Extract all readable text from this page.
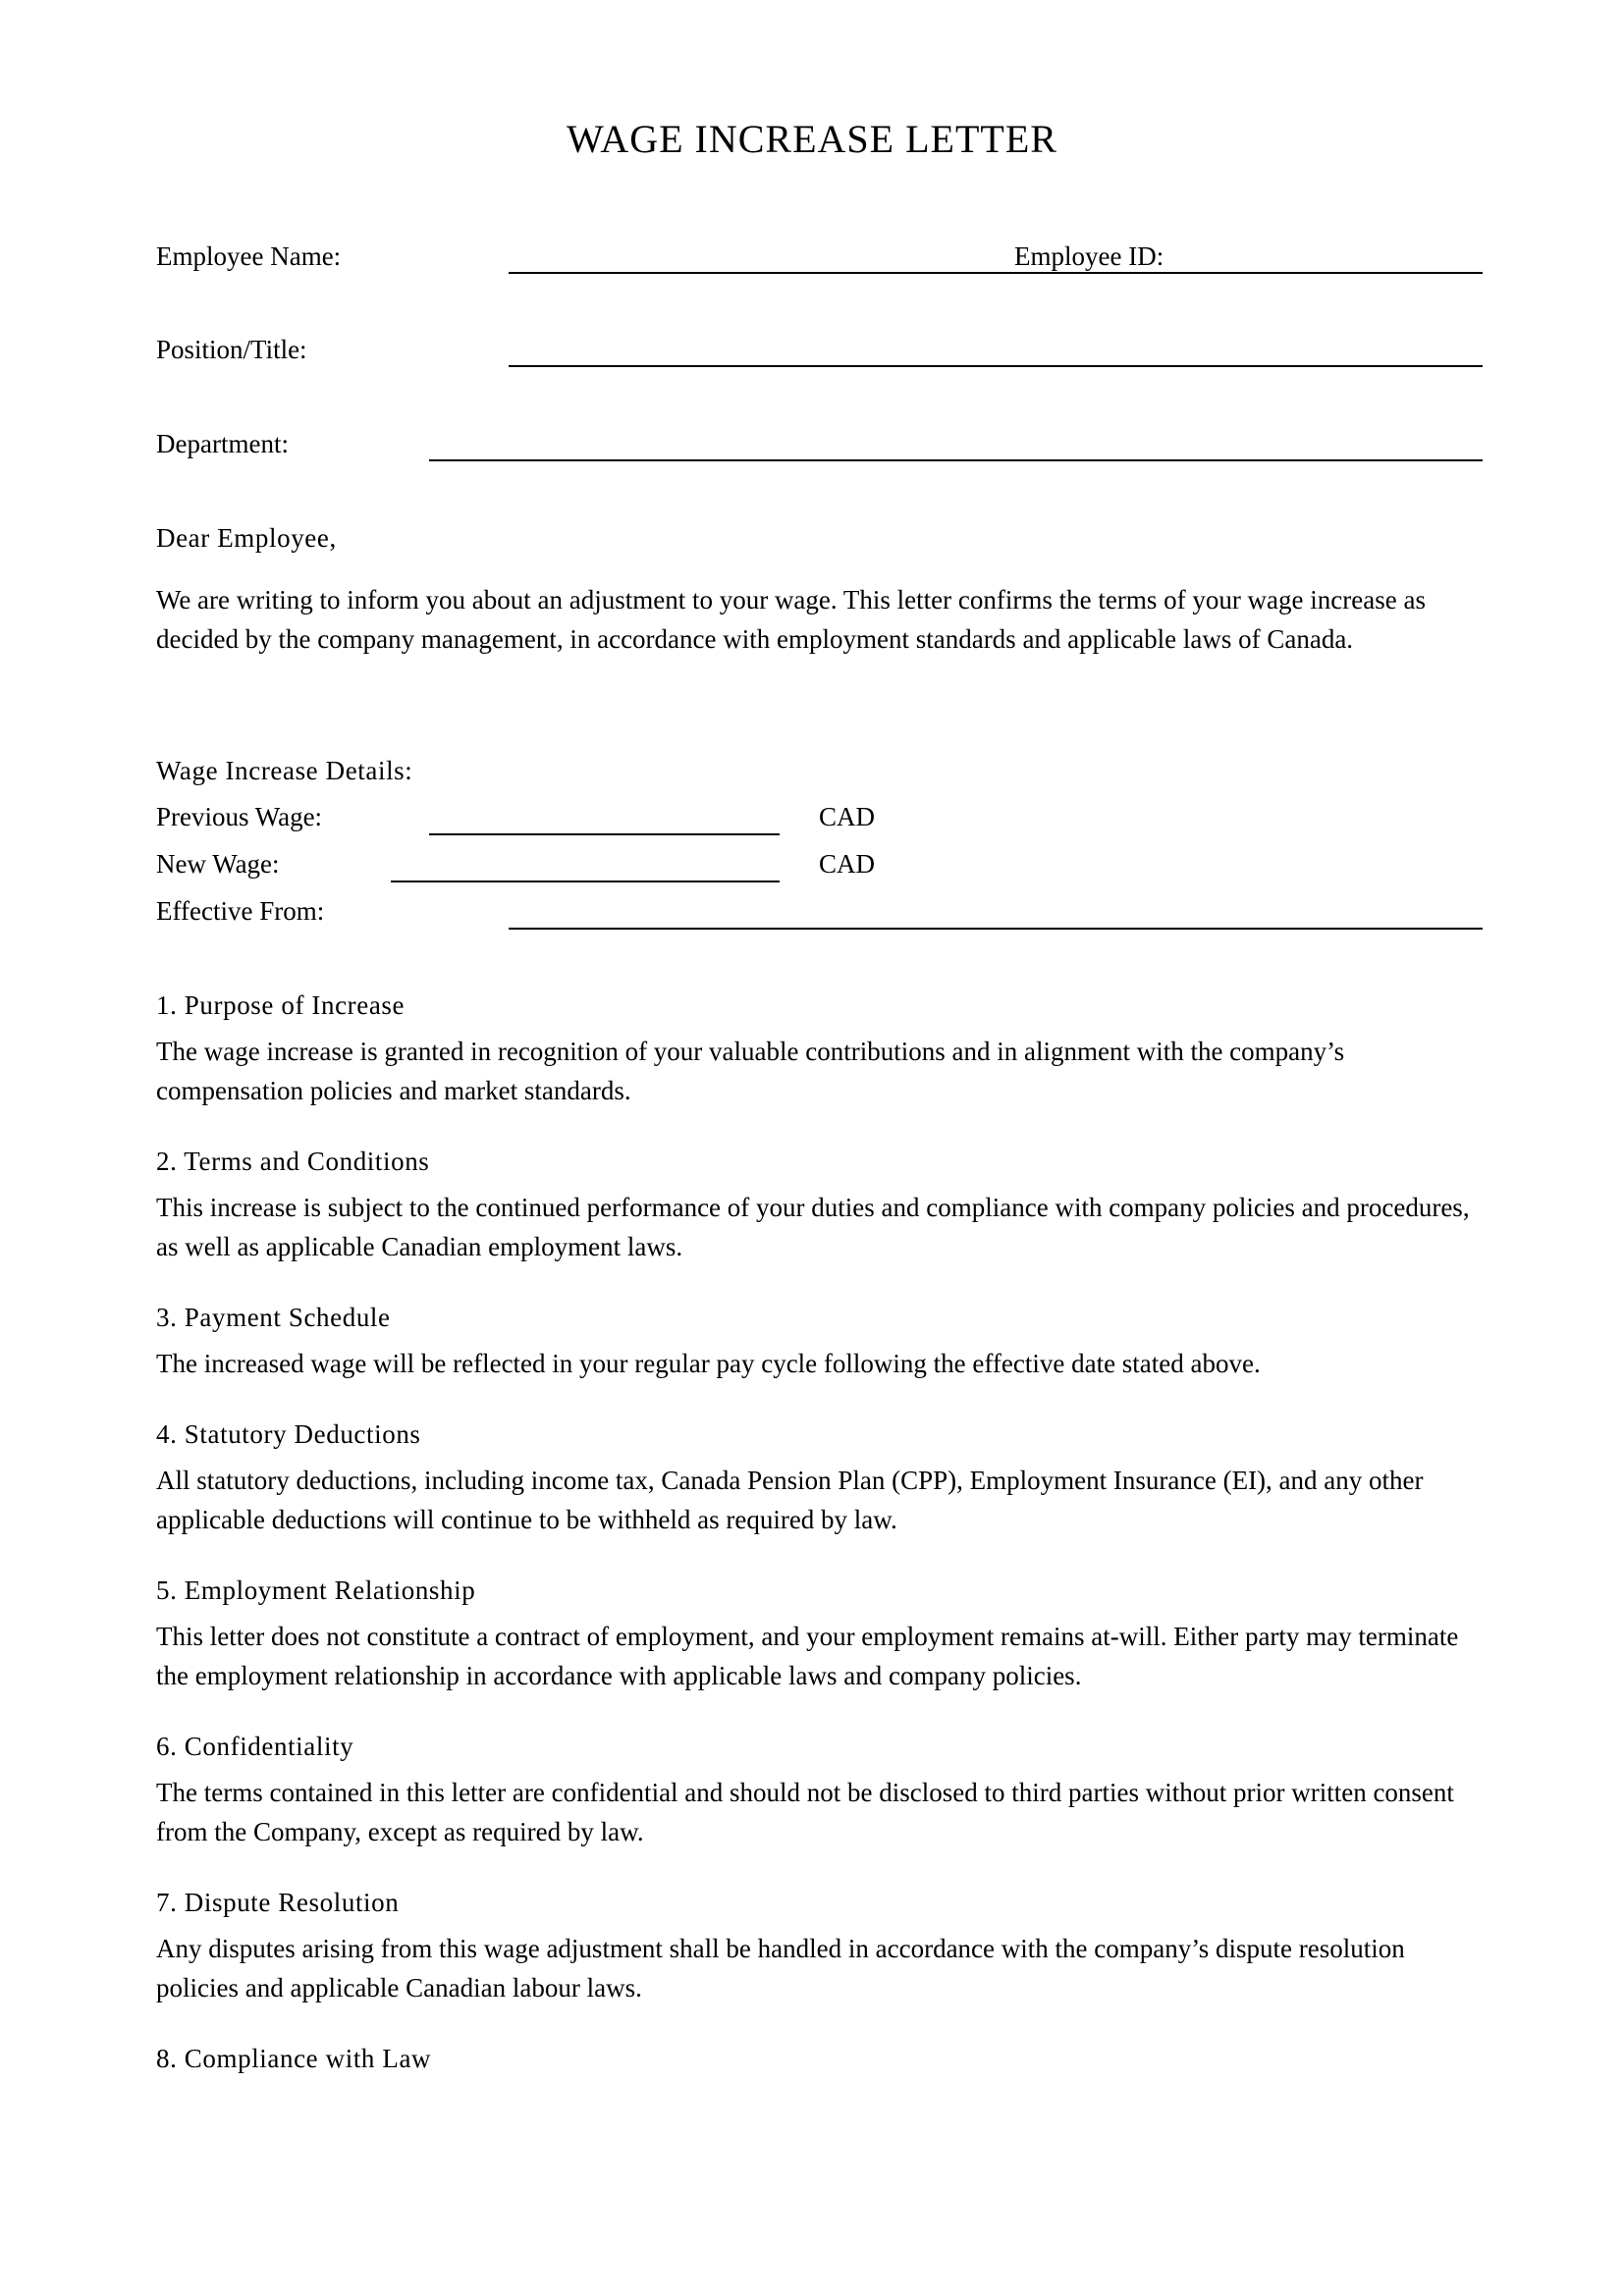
WAGE INCREASE LETTER
Employee Name:	Employee ID:
Position/Title:
Department:
Dear Employee,
We are writing to inform you about an adjustment to your wage. This letter confirms the terms of your wage increase as decided by the company management, in accordance with employment standards and applicable laws of Canada.
Wage Increase Details:
Previous Wage:	CAD
New Wage:	CAD
Effective From:
1. Purpose of Increase
The wage increase is granted in recognition of your valuable contributions and in alignment with the company’s compensation policies and market standards.
2. Terms and Conditions
This increase is subject to the continued performance of your duties and compliance with company policies and procedures, as well as applicable Canadian employment laws.
3. Payment Schedule
The increased wage will be reflected in your regular pay cycle following the effective date stated above.
4. Statutory Deductions
All statutory deductions, including income tax, Canada Pension Plan (CPP), Employment Insurance (EI), and any other applicable deductions will continue to be withheld as required by law.
5. Employment Relationship
This letter does not constitute a contract of employment, and your employment remains at-will. Either party may terminate the employment relationship in accordance with applicable laws and company policies.
6. Confidentiality
The terms contained in this letter are confidential and should not be disclosed to third parties without prior written consent from the Company, except as required by law.
7. Dispute Resolution
Any disputes arising from this wage adjustment shall be handled in accordance with the company’s dispute resolution policies and applicable Canadian labour laws.
8. Compliance with Law
